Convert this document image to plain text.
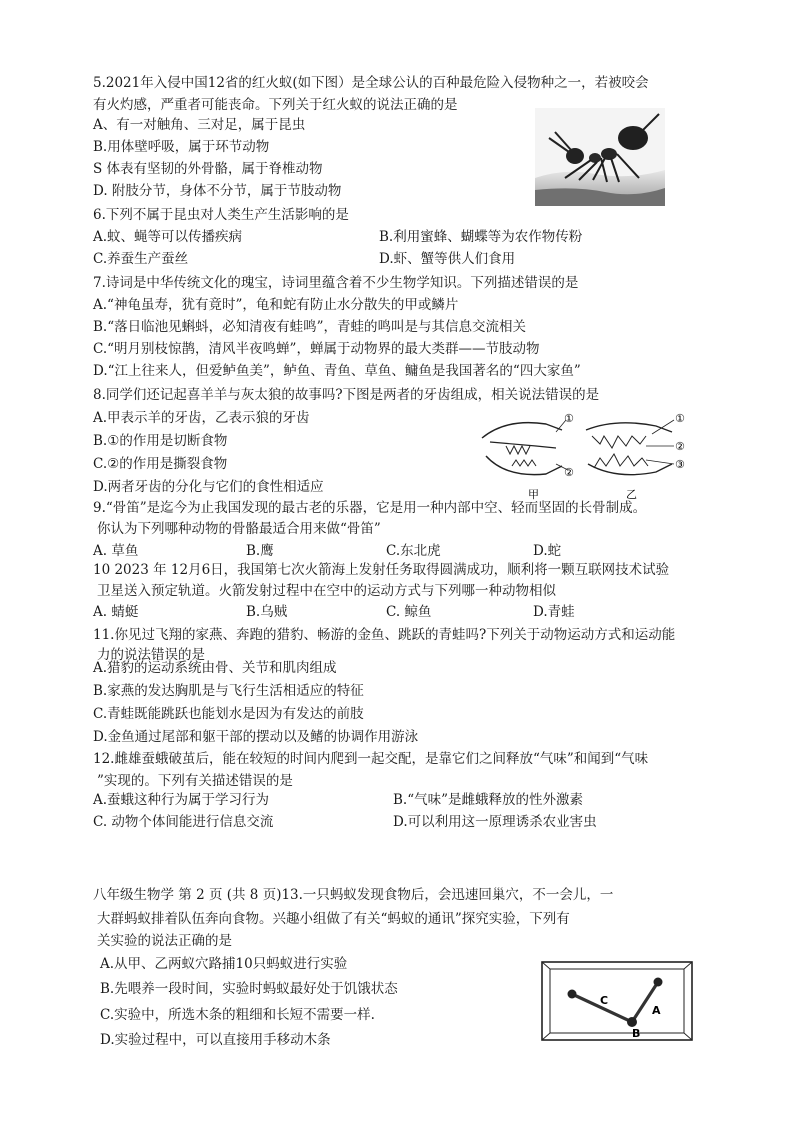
5.2021年入侵中国12省的红火蚁(如下图）是全球公认的百种最危险入侵物种之一，若被咬会
有火灼感，严重者可能丧命。下列关于红火蚁的说法正确的是
A、有一对触角、三对足，属于昆虫
B.用体壁呼吸，属于环节动物
S 体表有坚韧的外骨骼，属于脊椎动物
D. 附肢分节，身体不分节，属于节肢动物
6.下列不属于昆虫对人类生产生活影响的是
A.蚊、蝇等可以传播疾病	B.利用蜜蜂、蝴蝶等为农作物传粉
C.养蚕生产蚕丝	D.虾、蟹等供人们食用
7.诗词是中华传统文化的瑰宝，诗词里蕴含着不少生物学知识。下列描述错误的是
A.“神龟虽寿，犹有竟时”，龟和蛇有防止水分散失的甲或鳞片
B.“落日临池见蝌蚪，必知清夜有蛙鸣”，青蛙的鸣叫是与其信息交流相关
C.“明月别枝惊鹊，清风半夜鸣蝉”，蝉属于动物界的最大类群——节肢动物
D.“江上往来人，但爱鲈鱼美”，鲈鱼、青鱼、草鱼、鳙鱼是我国著名的“四大家鱼”
8.同学们还记起喜羊羊与灰太狼的故事吗?下图是两者的牙齿组成，相关说法错误的是
A.甲表示羊的牙齿，乙表示狼的牙齿
B.①的作用是切断食物
C.②的作用是撕裂食物
D.两者牙齿的分化与它们的食性相适应
①
②
①
②
③
甲	乙
9.“骨笛”是迄今为止我国发现的最古老的乐器，它是用一种内部中空、轻而坚固的长骨制成。
你认为下列哪种动物的骨骼最适合用来做“骨笛”
A. 草鱼	B.鹰	C.东北虎	D.蛇
10 2023 年 12月6日，我国第七次火箭海上发射任务取得圆满成功，顺利将一颗互联网技术试验
卫星送入预定轨道。火箭发射过程中在空中的运动方式与下列哪一种动物相似
A. 蜻蜓	B.乌贼	C. 鲸鱼	D.青蛙
11.你见过飞翔的家燕、奔跑的猎豹、畅游的金鱼、跳跃的青蛙吗?下列关于动物运动方式和运动能
力的说法错误的是
A.猎豹的运动系统由骨、关节和肌肉组成
B.家燕的发达胸肌是与飞行生活相适应的特征
C.青蛙既能跳跃也能划水是因为有发达的前肢
D.金鱼通过尾部和躯干部的摆动以及鳍的协调作用游泳
12.雌雄蚕蛾破茧后，能在较短的时间内爬到一起交配，是靠它们之间释放“气味”和闻到“气味
”实现的。下列有关描述错误的是
A.蚕蛾这种行为属于学习行为	B.“气味”是雌蛾释放的性外激素
C. 动物个体间能进行信息交流	D.可以利用这一原理诱杀农业害虫
八年级生物学 第 2 页 (共 8 页)13.一只蚂蚁发现食物后，会迅速回巢穴，不一会儿，一
大群蚂蚁排着队伍奔向食物。兴趣小组做了有关“蚂蚁的通讯”探究实验，下列有
关实验的说法正确的是
A.从甲、乙两蚁穴路捕10只蚂蚁进行实验
B.先喂养一段时间，实验时蚂蚁最好处于饥饿状态
C.实验中，所选木条的粗细和长短不需要一样.
D.实验过程中，可以直接用手移动木条
C
A
B
